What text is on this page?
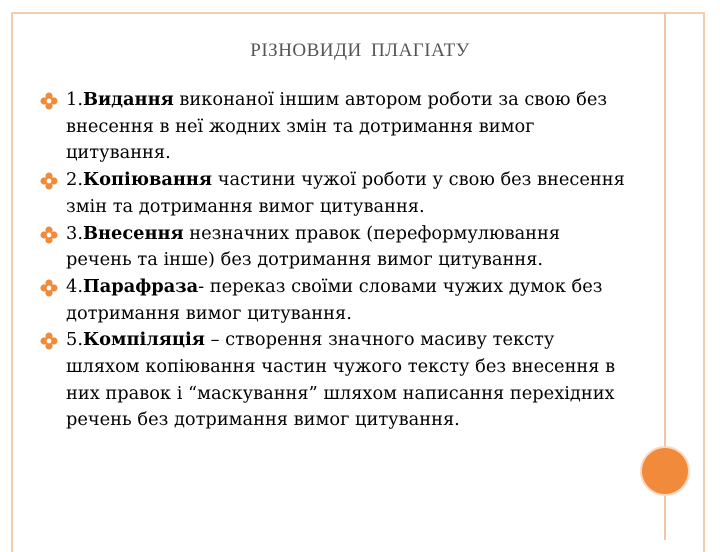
РІЗНОВИДИ ПЛАГІАТУ
1.Видання виконаної іншим автором роботи за свою без внесення в неї жодних змін та дотримання вимог цитування.
2.Копіювання частини чужої роботи у свою без внесення змін та дотримання вимог цитування.
3.Внесення незначних правок (переформулювання речень та інше) без дотримання вимог цитування.
4.Парафраза- переказ своїми словами чужих думок без дотримання вимог цитування.
5.Компіляція – створення значного масиву тексту шляхом копіювання частин чужого тексту без внесення в них правок і “маскування” шляхом написання перехідних речень без дотримання вимог цитування.
